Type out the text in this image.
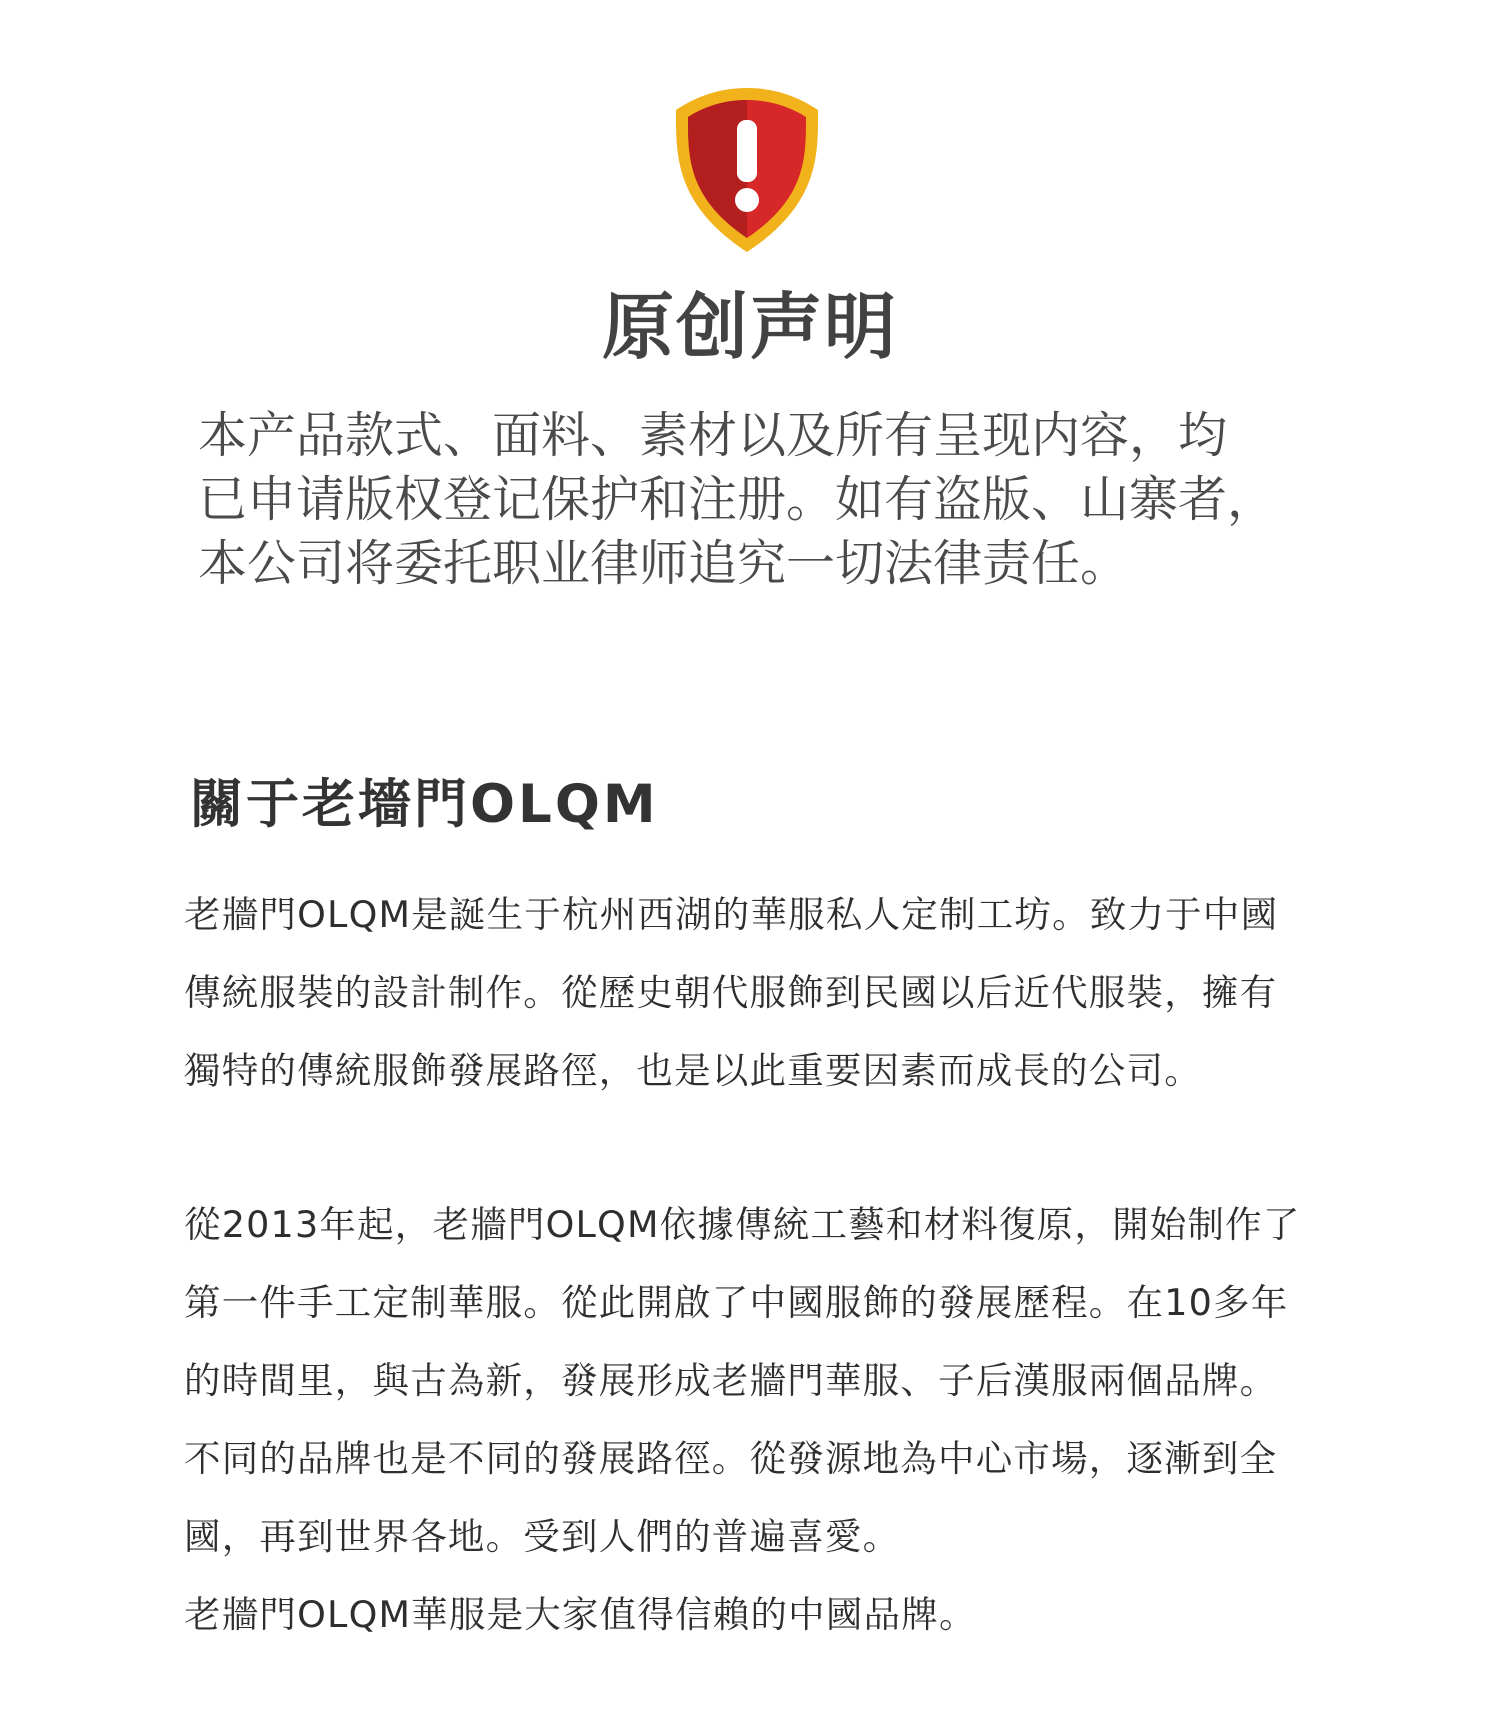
原创声明
本产品款式、面料、素材以及所有呈现内容，均
已申请版权登记保护和注册。如有盗版、山寨者，
本公司将委托职业律师追究一切法律责任。
關于老墻門OLQM
老牆門OLQM是誕生于杭州西湖的華服私人定制工坊。致力于中國
傳統服裝的設計制作。從歷史朝代服飾到民國以后近代服裝，擁有
獨特的傳統服飾發展路徑，也是以此重要因素而成長的公司。
從2013年起，老牆門OLQM依據傳統工藝和材料復原，開始制作了
第一件手工定制華服。從此開啟了中國服飾的發展歷程。在10多年
的時間里，與古為新，發展形成老牆門華服、子后漢服兩個品牌。
不同的品牌也是不同的發展路徑。從發源地為中心市場，逐漸到全
國，再到世界各地。受到人們的普遍喜愛。
老牆門OLQM華服是大家值得信賴的中國品牌。
